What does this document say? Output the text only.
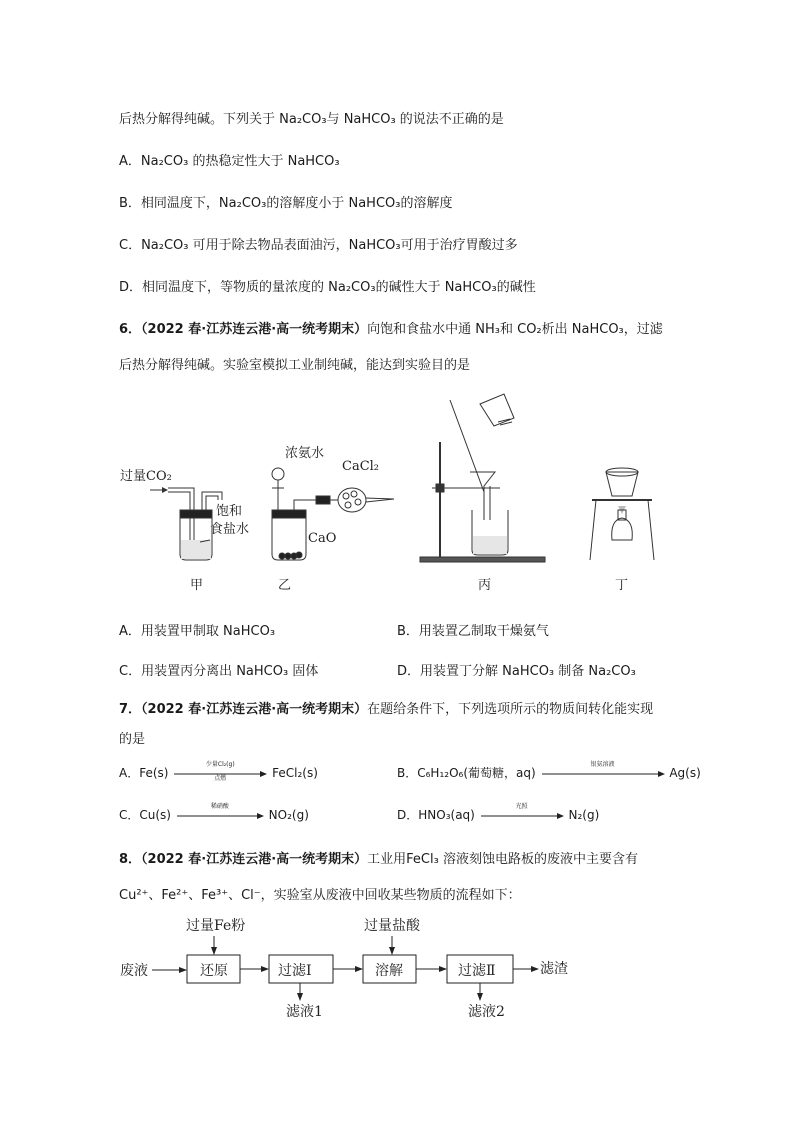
后热分解得纯碱。下列关于 Na₂CO₃与 NaHCO₃ 的说法不正确的是
A．Na₂CO₃ 的热稳定性大于 NaHCO₃
B．相同温度下，Na₂CO₃的溶解度小于 NaHCO₃的溶解度
C．Na₂CO₃ 可用于除去物品表面油污，NaHCO₃可用于治疗胃酸过多
D．相同温度下，等物质的量浓度的 Na₂CO₃的碱性大于 NaHCO₃的碱性
6．（2022 春·江苏连云港·高一统考期末）向饱和食盐水中通 NH₃和 CO₂析出 NaHCO₃，过滤
后热分解得纯碱。实验室模拟工业制纯碱，能达到实验目的是
过量CO₂
饱和
食盐水
浓氨水
CaO
CaCl₂
甲	乙	丙	丁
A．用装置甲制取 NaHCO₃	B．用装置乙制取干燥氨气
C．用装置丙分离出 NaHCO₃ 固体	D．用装置丁分解 NaHCO₃ 制备 Na₂CO₃
7．（2022 春·江苏连云港·高一统考期末）在题给条件下，下列选项所示的物质间转化能实现
的是
A．Fe(s)
少量Cl₂(g)
点燃	FeCl₂(s)	B．C₆H₁₂O₆(葡萄糖，aq)
银氨溶液
Ag(s)
C．Cu(s)
稀硝酸
NO₂(g)	D．HNO₃(aq)
光照
N₂(g)
8．（2022 春·江苏连云港·高一统考期末）工业用FeCl₃ 溶液刻蚀电路板的废液中主要含有
Cu²⁺、Fe²⁺、Fe³⁺、Cl⁻，实验室从废液中回收某些物质的流程如下：
废液
过量Fe粉
还原	过滤Ⅰ
滤液1
过量盐酸
溶解	过滤Ⅱ
滤液2
滤渣
